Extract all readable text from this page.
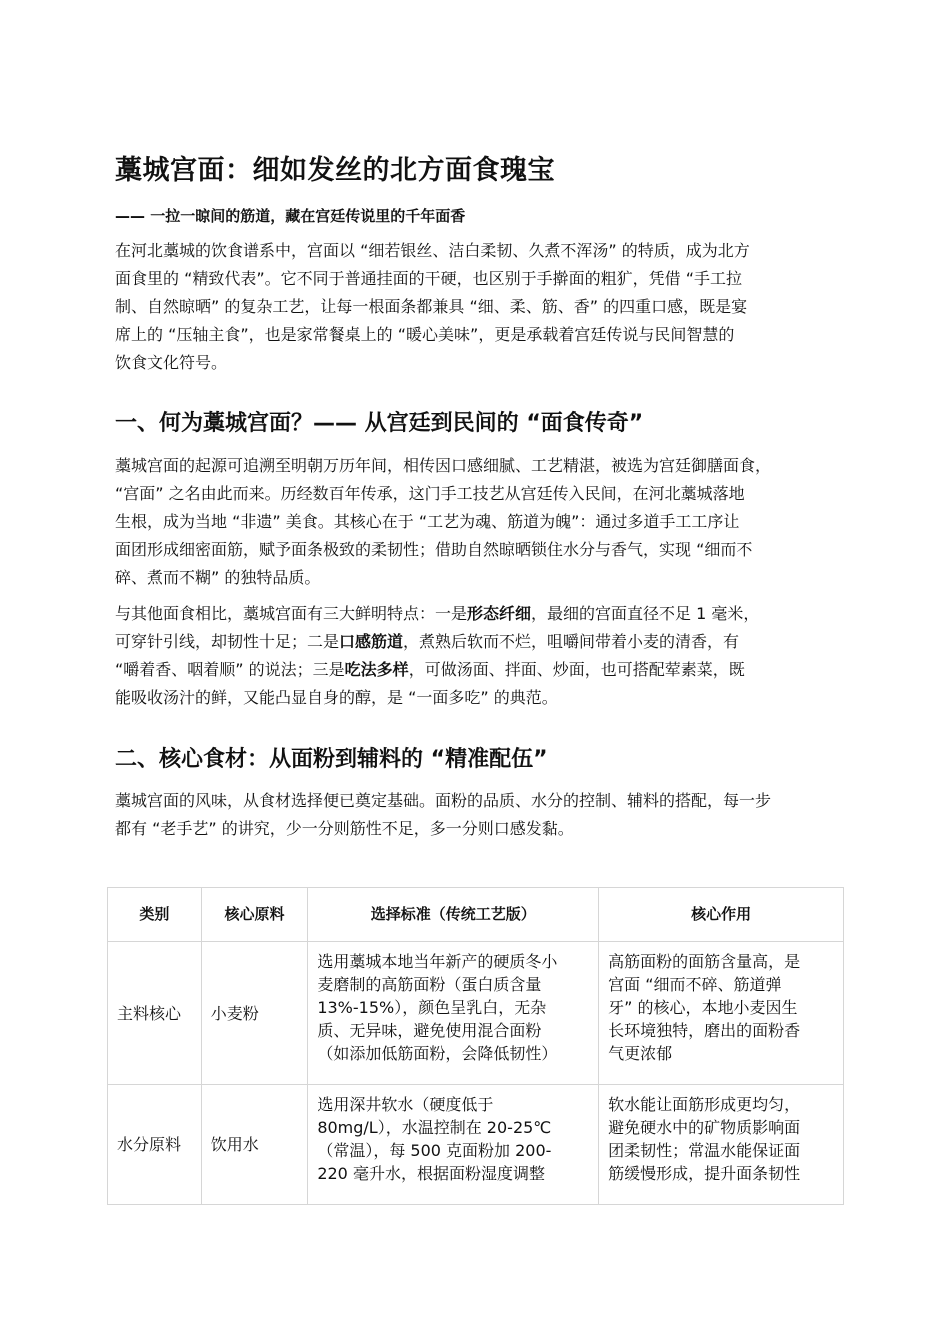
藁城宫面：细如发丝的北方面食瑰宝

—— 一拉一晾间的筋道，藏在宫廷传说里的千年面香

在河北藁城的饮食谱系中，宫面以 “细若银丝、洁白柔韧、久煮不浑汤” 的特质，成为北方
面食里的 “精致代表”。它不同于普通挂面的干硬，也区别于手擀面的粗犷，凭借 “手工拉
制、自然晾晒” 的复杂工艺，让每一根面条都兼具 “细、柔、筋、香” 的四重口感，既是宴
席上的 “压轴主食”，也是家常餐桌上的 “暖心美味”，更是承载着宫廷传说与民间智慧的
饮食文化符号。

一、何为藁城宫面？—— 从宫廷到民间的 “面食传奇”

藁城宫面的起源可追溯至明朝万历年间，相传因口感细腻、工艺精湛，被选为宫廷御膳面食，
“宫面” 之名由此而来。历经数百年传承，这门手工技艺从宫廷传入民间，在河北藁城落地
生根，成为当地 “非遗” 美食。其核心在于 “工艺为魂、筋道为魄”：通过多道手工工序让
面团形成细密面筋，赋予面条极致的柔韧性；借助自然晾晒锁住水分与香气，实现 “细而不
碎、煮而不糊” 的独特品质。

与其他面食相比，藁城宫面有三大鲜明特点：一是形态纤细，最细的宫面直径不足 1 毫米，
可穿针引线，却韧性十足；二是口感筋道，煮熟后软而不烂，咀嚼间带着小麦的清香，有
“嚼着香、咽着顺” 的说法；三是吃法多样，可做汤面、拌面、炒面，也可搭配荤素菜，既
能吸收汤汁的鲜，又能凸显自身的醇，是 “一面多吃” 的典范。

二、核心食材：从面粉到辅料的 “精准配伍”

藁城宫面的风味，从食材选择便已奠定基础。面粉的品质、水分的控制、辅料的搭配，每一步
都有 “老手艺” 的讲究，少一分则筋性不足，多一分则口感发黏。

类别	核心原料	选择标准（传统工艺版）	核心作用
主料核心	小麦粉	选用藁城本地当年新产的硬质冬小
麦磨制的高筋面粉（蛋白质含量
13%-15%），颜色呈乳白，无杂
质、无异味，避免使用混合面粉
（如添加低筋面粉，会降低韧性）	高筋面粉的面筋含量高，是
宫面 “细而不碎、筋道弹
牙” 的核心，本地小麦因生
长环境独特，磨出的面粉香
气更浓郁

水分原料	饮用水	选用深井软水（硬度低于
80mg/L），水温控制在 20-25℃
（常温），每 500 克面粉加 200-
220 毫升水，根据面粉湿度调整	软水能让面筋形成更均匀，
避免硬水中的矿物质影响面
团柔韧性；常温水能保证面
筋缓慢形成，提升面条韧性
